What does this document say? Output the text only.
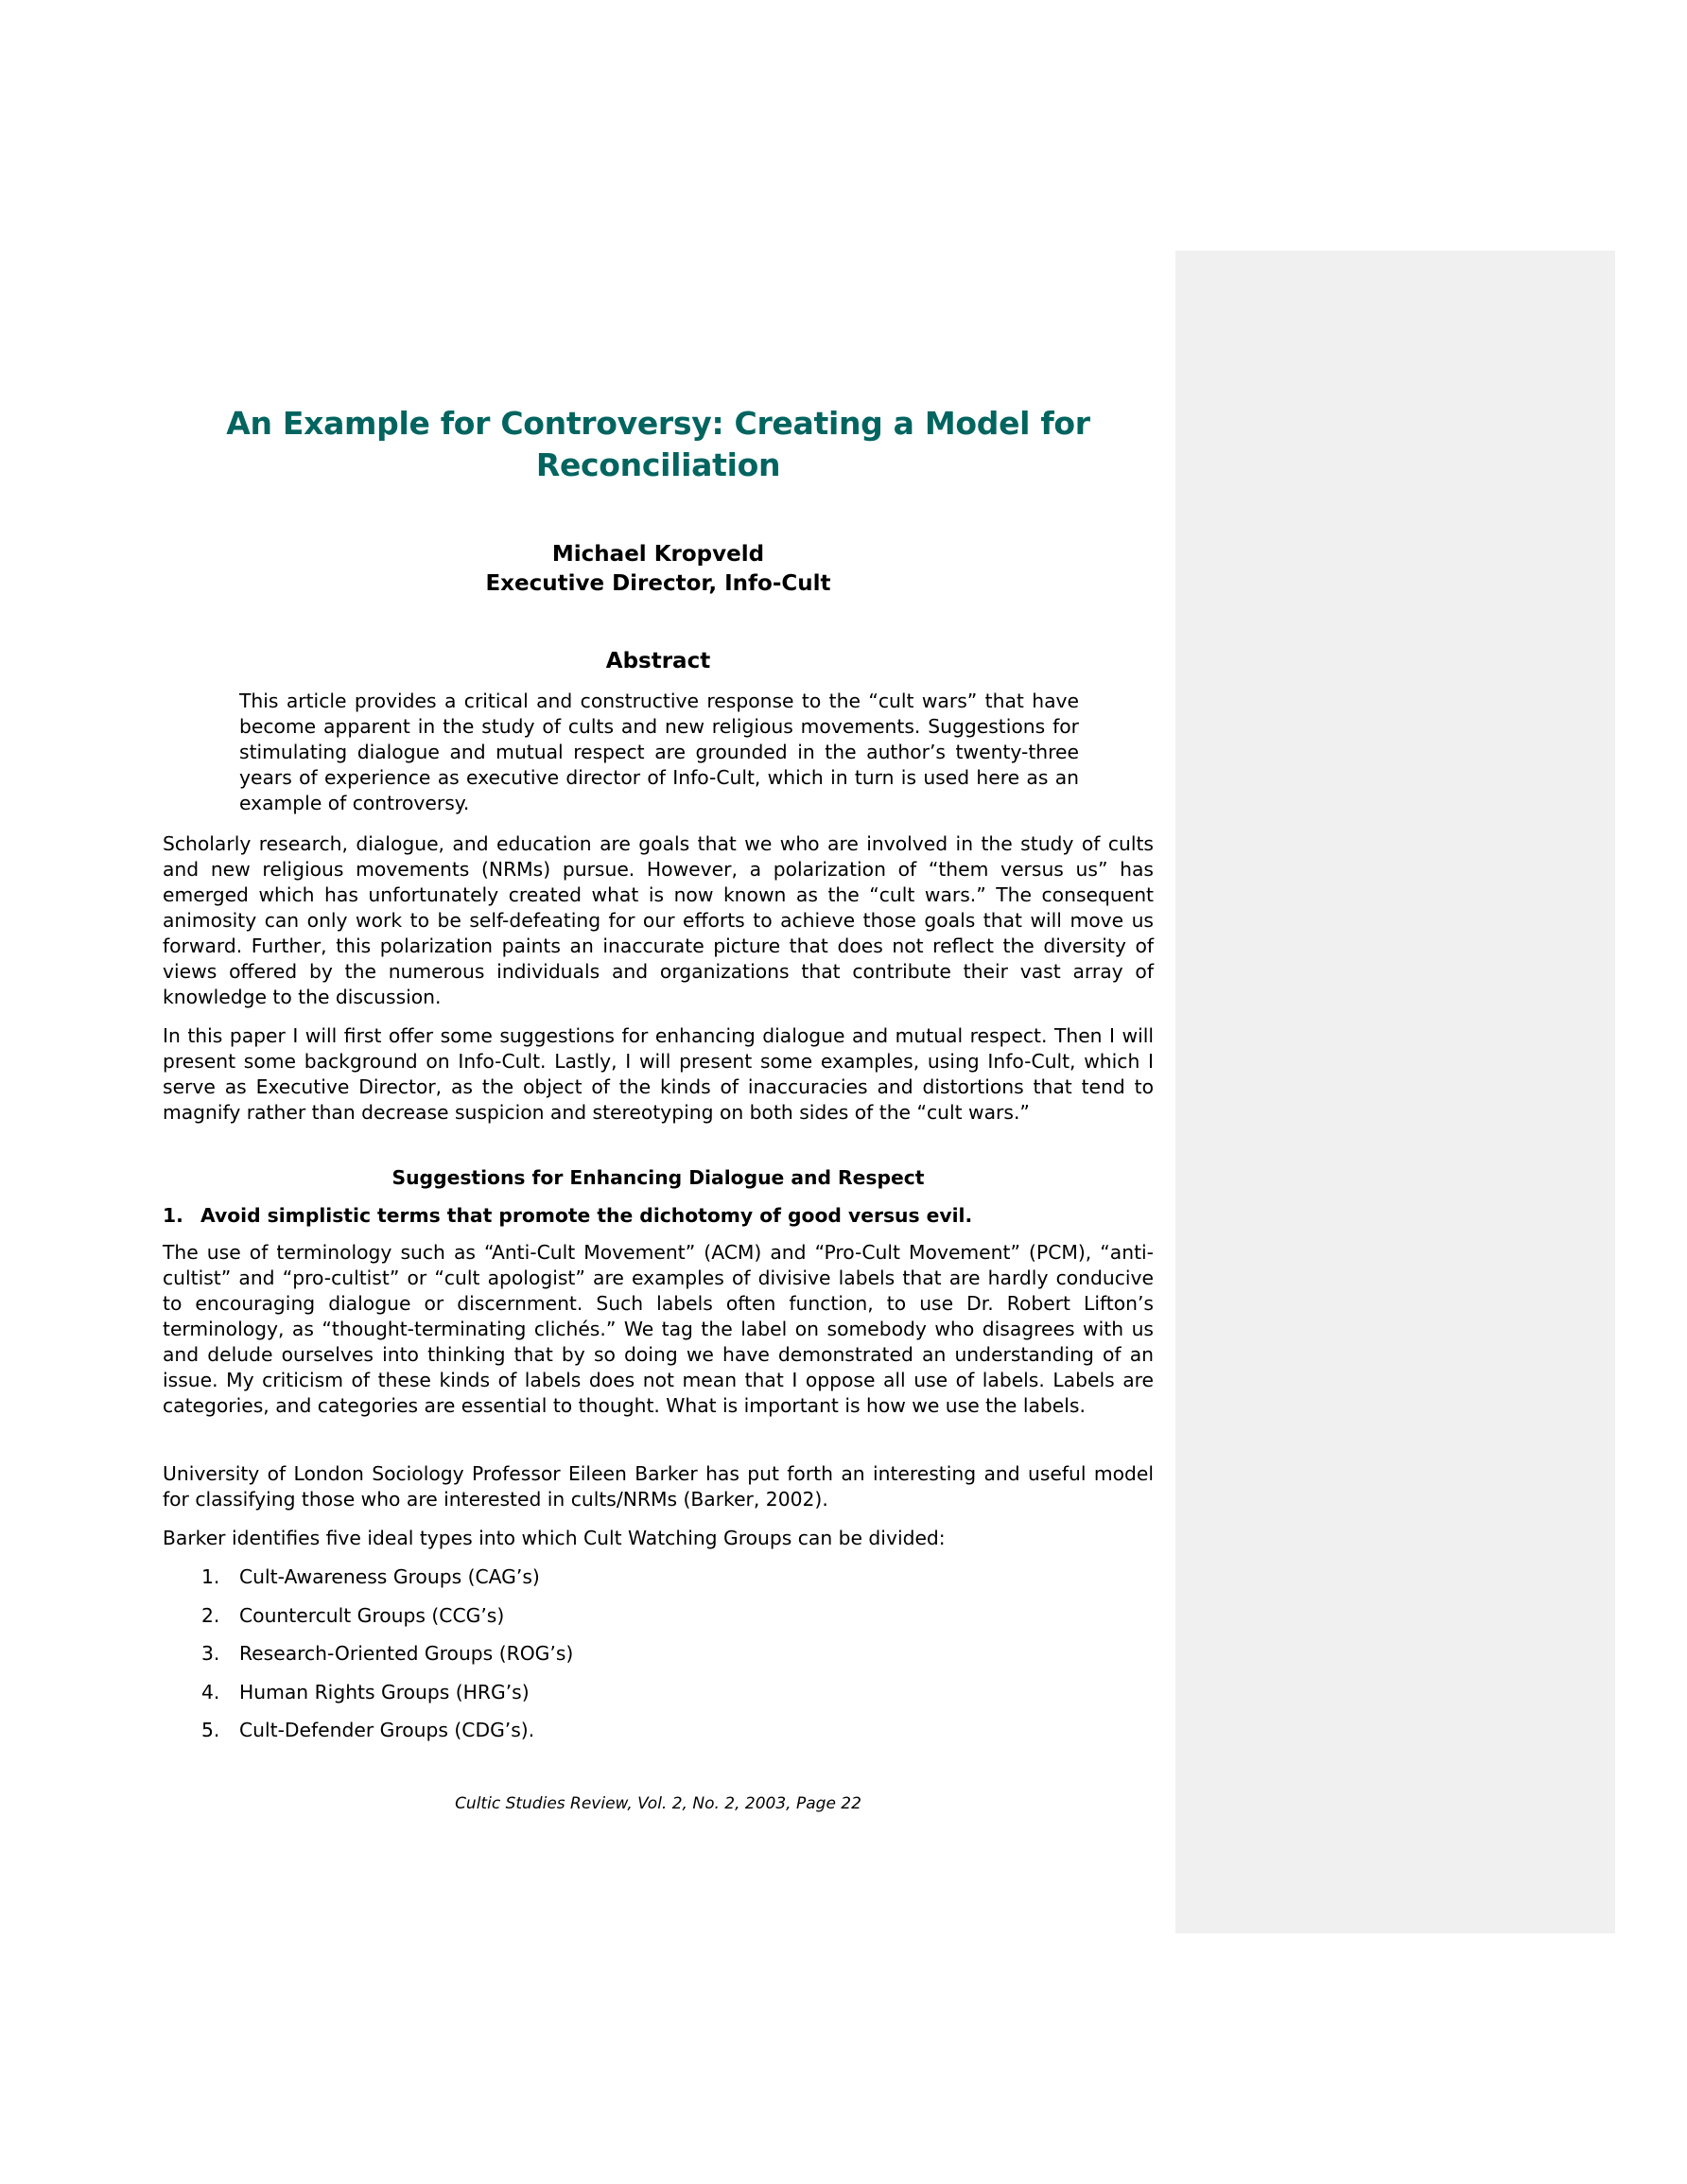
An Example for Controversy: Creating a Model for
Reconciliation
Michael Kropveld
Executive Director, Info-Cult
Abstract

This article provides a critical and constructive response to the “cult wars” that have become apparent in the study of cults and new religious movements. Suggestions for stimulating dialogue and mutual respect are grounded in the author’s twenty-three years of experience as executive director of Info-Cult, which in turn is used here as an example of controversy.

Scholarly research, dialogue, and education are goals that we who are involved in the study of cults and new religious movements (NRMs) pursue. However, a polarization of “them versus us” has emerged which has unfortunately created what is now known as the “cult wars.” The consequent animosity can only work to be self-defeating for our efforts to achieve those goals that will move us forward. Further, this polarization paints an inaccurate picture that does not reflect the diversity of views offered by the numerous individuals and organizations that contribute their vast array of knowledge to the discussion.

In this paper I will first offer some suggestions for enhancing dialogue and mutual respect. Then I will present some background on Info-Cult. Lastly, I will present some examples, using Info-Cult, which I serve as Executive Director, as the object of the kinds of inaccuracies and distortions that tend to magnify rather than decrease suspicion and stereotyping on both sides of the “cult wars.”

Suggestions for Enhancing Dialogue and Respect
1. Avoid simplistic terms that promote the dichotomy of good versus evil.

The use of terminology such as “Anti-Cult Movement” (ACM) and “Pro-Cult Movement” (PCM), “anti-cultist” and “pro-cultist” or “cult apologist” are examples of divisive labels that are hardly conducive to encouraging dialogue or discernment. Such labels often function, to use Dr. Robert Lifton’s terminology, as “thought-terminating clichés.” We tag the label on somebody who disagrees with us and delude ourselves into thinking that by so doing we have demonstrated an understanding of an issue. My criticism of these kinds of labels does not mean that I oppose all use of labels. Labels are categories, and categories are essential to thought. What is important is how we use the labels.

University of London Sociology Professor Eileen Barker has put forth an interesting and useful model for classifying those who are interested in cults/NRMs (Barker, 2002).

Barker identifies five ideal types into which Cult Watching Groups can be divided:

1. Cult-Awareness Groups (CAG’s)
2. Countercult Groups (CCG’s)
3. Research-Oriented Groups (ROG’s)
4. Human Rights Groups (HRG’s)
5. Cult-Defender Groups (CDG’s).
Cultic Studies Review, Vol. 2, No. 2, 2003, Page 22
